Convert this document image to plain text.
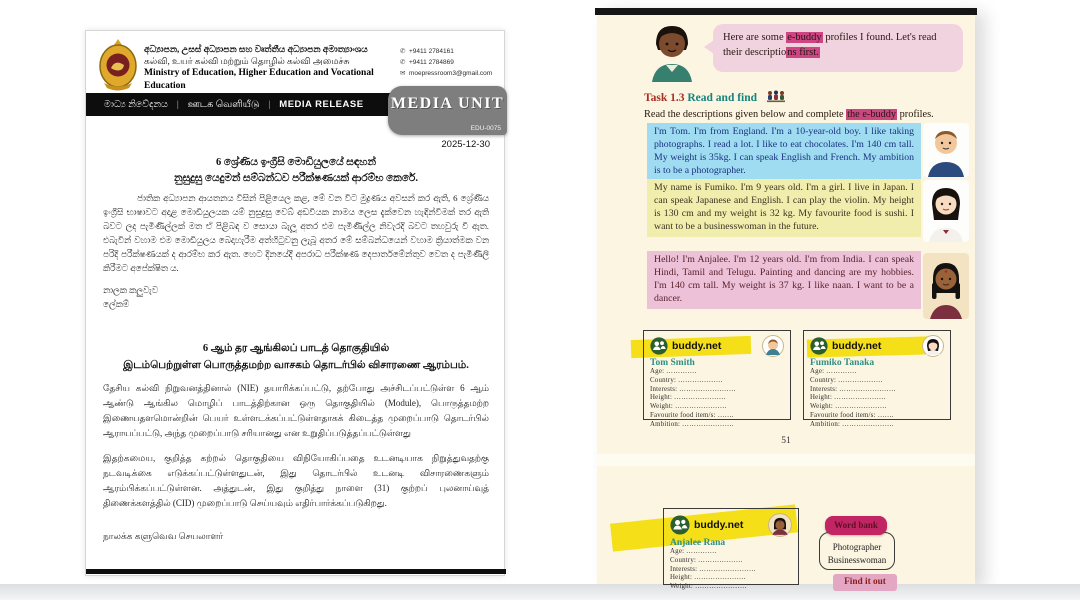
අධ්‍යාපන, උසස් අධ්‍යාපන සහ වෘත්තීය අධ්‍යාපන අමාත්‍යාංශය
கல்வி, உயர் கல்வி மற்றும் தொழில் கல்வி அமைச்சு
Ministry of Education, Higher Education and Vocational Education
✆ +9411 2784161
✆ +9411 2784869
✉ moepressroom3@gmail.com
මාධ්‍ය නිවේදනය | ஊடக வெளியீடு | MEDIA RELEASE MEDIA UNIT
EDU-0075
2025-12-30
6 ශ්‍රේණිය ඉංග්‍රීසි මොඩියුලයේ සඳහන්
නුසුදුසු යෙදුමන් සම්බන්ධව පරීක්ෂණයක් ආරම්භ කෙරේ.
ජාතික අධ්‍යාපන ආයතනය විසින් පිළියෙල කළ, මේ වන විට මුද්‍රණය අවසන් කර ඇති, 6 ශ්‍රේණිය ඉංග්‍රීසි භාෂාවට අදාළ මොඩියුලයක යම් නුසුදුසු වෙබ් අඩවියක නාමය ලෙස දැක්වෙන හැඳින්වීමක් තර ඇති බවට ලද පැමිණිල්ලක් මත ඒ පිළිබඳ ව සොයා බැලූ අතර එම පැමිණිල්ල නිවැරදි බවට තහවුරු වී ඇත. එබැවින් වහාම එම මොඩියුලය බෙදාහැරීම අත්හිටුවනු ලැබූ අතර මේ සම්බන්ධයෙන් වහාම ක්‍රියාත්මක වන පරිදි පරීක්ෂණයක් ද ආරම්භ කර ඇත. හෙට දිනයේදී අපරාධ පරීක්ෂණ දෙපාර්තමේන්තුව වෙත ද පැමිණිලි කිරීමට අපේක්ෂිත ය.
නාලක කලුවැව
ලේකම්
6 ஆம் தர ஆங்கிலப் பாடத் தொகுதியில்
இடம்பெற்றுள்ள பொருத்தமற்ற வாசகம் தொடர்பில் விசாரணை ஆரம்பம்.
தேசிய கல்வி நிறுவனத்தினால் (NIE) தயாரிக்கப்பட்டு, தற்போது அச்சிடப்பட்டுள்ள 6 ஆம் ஆண்டு ஆங்கில மொழிப் பாடத்திற்கான ஒரு தொகுதியில் (Module), பொருத்தமற்ற இணையதளமொன்றின் பெயர் உள்ளடக்கப்பட்டுள்ளதாகக் கிடைத்த முறைப்பாடு தொடர்பில் ஆராயப்பட்டு, அந்த முறைப்பாடு சரியானது என உறுதிப்படுத்தப்பட்டுள்ளது
இதற்கமைய, குறித்த கற்றல் தொகுதியை விநியோகிப்பதை உடனடியாக நிறுத்துவதற்கு நடவடிக்கை எடுக்கப்பட்டுள்ளதுடன், இது தொடர்பில் உடனடி விசாரணைகளும் ஆரம்பிக்கப்பட்டுள்ளன. அத்துடன், இது குறித்து நாளை (31) குற்றப் புலனாய்வுத் திணைக்களத்தில் (CID) முறைப்பாடு செய்யவும் எதிர்பார்க்கப்படுகிறது.
நாலக்க களுவெவ செயலாளர்
Here are some e-buddy profiles I found. Let's read their descriptions first.
Task 1.3 Read and find
Read the descriptions given below and complete the e-buddy profiles.
I'm Tom. I'm from England. I'm a 10-year-old boy. I like taking photographs. I read a lot. I like to eat chocolates. I'm 140 cm tall. My weight is 35kg. I can speak English and French. My ambition is to be a photographer.
My name is Fumiko. I'm 9 years old. I'm a girl. I live in Japan. I can speak Japanese and English. I can play the violin. My height is 130 cm and my weight is 32 kg. My favourite food is sushi. I want to be a businesswoman in the future.
Hello! I'm Anjalee. I'm 12 years old. I'm from India. I can speak Hindi, Tamil and Telugu. Painting and dancing are my hobbies. I'm 140 cm tall. My weight is 37 kg. I like naan. I want to be a dancer.
buddy.net
Tom Smith
Age: ………….
Country: ……………….
Interests: ……………………
Height: ………………….
Weight: ………………….
Favourite food item/s: …….
Ambition: ………………….
buddy.net
Fumiko Tanaka
Age: ………….
Country: ……………….
Interests: ……………………
Height: ………………….
Weight: ………………….
Favourite food item/s: …….
Ambition: ………………….
51
buddy.net
Anjalee Rana
Age: ………….
Country: ……………….
Interests: ……………………
Height: ………………….
Weight: ………………….
Word bank
Photographer
Businesswoman
Find it out
